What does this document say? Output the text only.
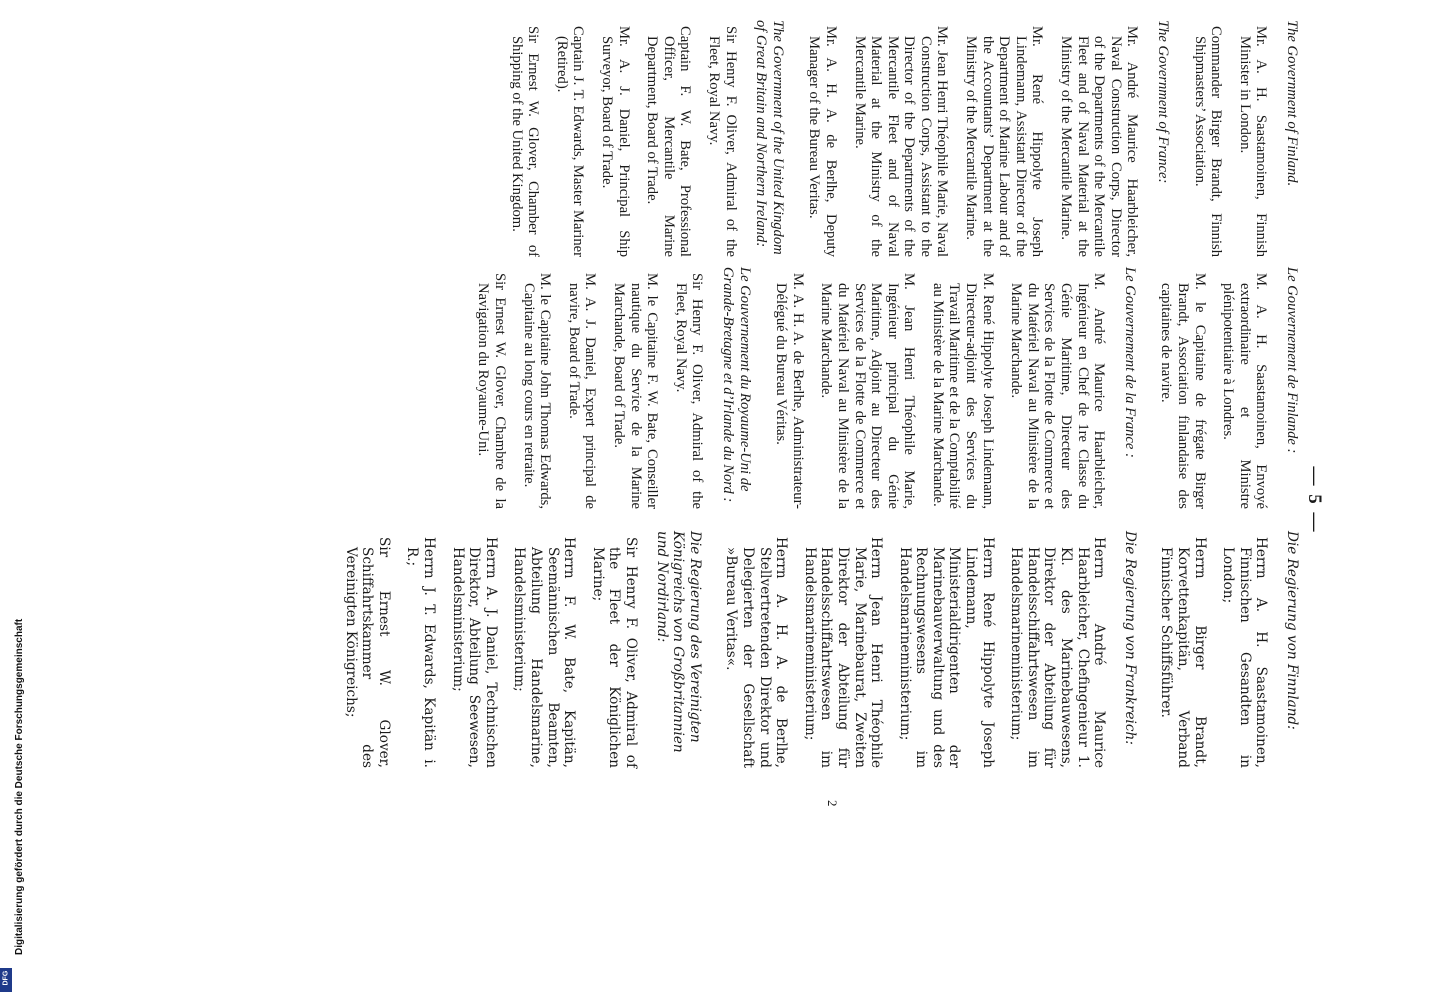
— 5 —
The Government of Finland.
Mr. A. H. Saastamoinen, Finnish Minister in London.
Commander Birger Brandt, Finnish Shipmasters’ Association.
The Government of France:
Mr. André Maurice Haarbleicher, Naval Construction Corps, Director of the Departments of the Mercantile Fleet and of Naval Material at the Ministry of the Mercantile Marine.
Mr. René Hippolyte Joseph Lindemann, Assistant Director of the Department of Marine Labour and of the Accountants’ Department at the Ministry of the Mercantile Marine.
Mr. Jean Henri Théophile Marie, Naval Construction Corps, Assistant to the Director of the Departments of the Mercantile Fleet and of Naval Material at the Ministry of the Mercantile Marine.
Mr. A. H. A. de Berlhe, Deputy Manager of the Bureau Veritas.
The Government of the United Kingdom of Great Britain and Northern Ireland:
Sir Henry F. Oliver, Admiral of the Fleet, Royal Navy.
Captain F. W. Bate, Professional Officer, Mercantile Marine Department, Board of Trade.
Mr. A. J. Daniel, Principal Ship Surveyor, Board of Trade.
Captain J. T. Edwards, Master Mariner (Retired).
Sir Ernest W. Glover, Chamber of Shipping of the United Kingdom.
Le Gouvernement de Finlande :
M. A. H. Saastamoinen, Envoyé extraordinaire et Ministre plénipotentiaire à Londres.
M. le Capitaine de frégate Birger Brandt, Association finlandaise des capitaines de navire.
Le Gouvernement de la France :
M. André Maurice Haarbleicher, Ingénieur en Chef de 1re Classe du Génie Maritime, Directeur des Services de la Flotte de Commerce et du Matériel Naval au Ministère de la Marine Marchande.
M. René Hippolyte Joseph Lindemann, Directeur-adjoint des Services du Travail Maritime et de la Comptabilité au Ministère de la Marine Marchande.
M. Jean Henri Théophile Marie, Ingénieur principal du Génie Maritime, Adjoint au Directeur des Services de la Flotte de Commerce et du Matériel Naval au Ministère de la Marine Marchande.
M. A. H. A. de Berlhe, Administrateur-Délégué du Bureau Véritas.
Le Gouvernement du Royaume-Uni de Grande-Bretagne et d’Irlande du Nord :
Sir Henry F. Oliver, Admiral of the Fleet, Royal Navy.
M. le Capitaine F. W. Bate, Conseiller nautique du Service de la Marine Marchande, Board of Trade.
M. A. J. Daniel, Expert principal de navire, Board of Trade.
M. le Capitaine John Thomas Edwards, Capitaine au long cours en retraite.
Sir Ernest W. Glover, Chambre de la Navigation du Royaume-Uni.
Die Regierung von Finnland:
Herrn A. H. Saastamoinen, Finnischen Gesandten in London;
Herrn Birger Brandt, Korvettenkapitän, Verband Finnischer Schiffsführer.
Die Regierung von Frankreich:
Herrn André Maurice Haarbleicher, Chefingenieur 1. Kl. des Marinebauwesens, Direktor der Abteilung für Handelsschiffahrtswesen im Handelsmarineministerium;
Herrn René Hippolyte Joseph Lindemann, Ministerialdirigenten der Marinebauverwaltung und des Rechnungswesens im Handelsmarineministerium;
Herrn Jean Henri Théophile Marie, Marinebaurat, Zweiten Direktor der Abteilung für Handelsschiffahrtswesen im Handelsmarineministerium;
Herrn A. H. A. de Berlhe, Stellvertretenden Direktor und Delegierten der Gesellschaft »Bureau Veritas«.
Die Regierung des Vereinigten Königreichs von Großbritannien und Nordirland:
Sir Henry F. Oliver, Admiral of the Fleet der Königlichen Marine;
Herrn F. W. Bate, Kapitän, Seemännischen Beamten, Abteilung Handelsmarine, Handelsministerium;
Herrn A. J. Daniel, Technischen Direktor, Abteilung Seewesen, Handelsministerium;
Herrn J. T. Edwards, Kapitän i. R.;
Sir Ernest W. Glover, Schiffahrtskammer des Vereinigten Königreichs;
2
Digitalisierung gefördert durch die Deutsche Forschungsgemeinschaft
DFG
